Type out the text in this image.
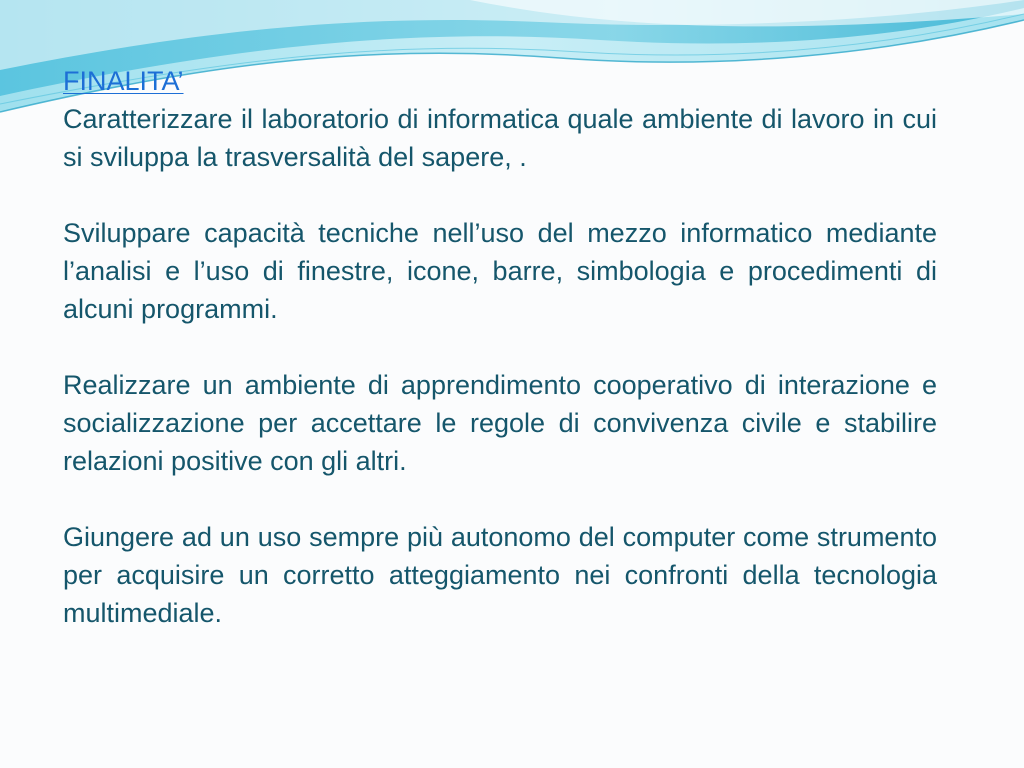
FINALITA’

Caratterizzare il laboratorio di informatica quale ambiente di lavoro in cui si sviluppa la trasversalità del sapere, .

Sviluppare capacità tecniche nell’uso del mezzo informatico mediante l’analisi e l’uso di finestre, icone, barre, simbologia e procedimenti di alcuni programmi.

Realizzare un ambiente di apprendimento cooperativo di interazione e socializzazione per accettare le regole di convivenza civile e stabilire relazioni positive con gli altri.

Giungere ad un uso sempre più autonomo del computer come strumento per acquisire un corretto atteggiamento nei confronti della tecnologia multimediale.
